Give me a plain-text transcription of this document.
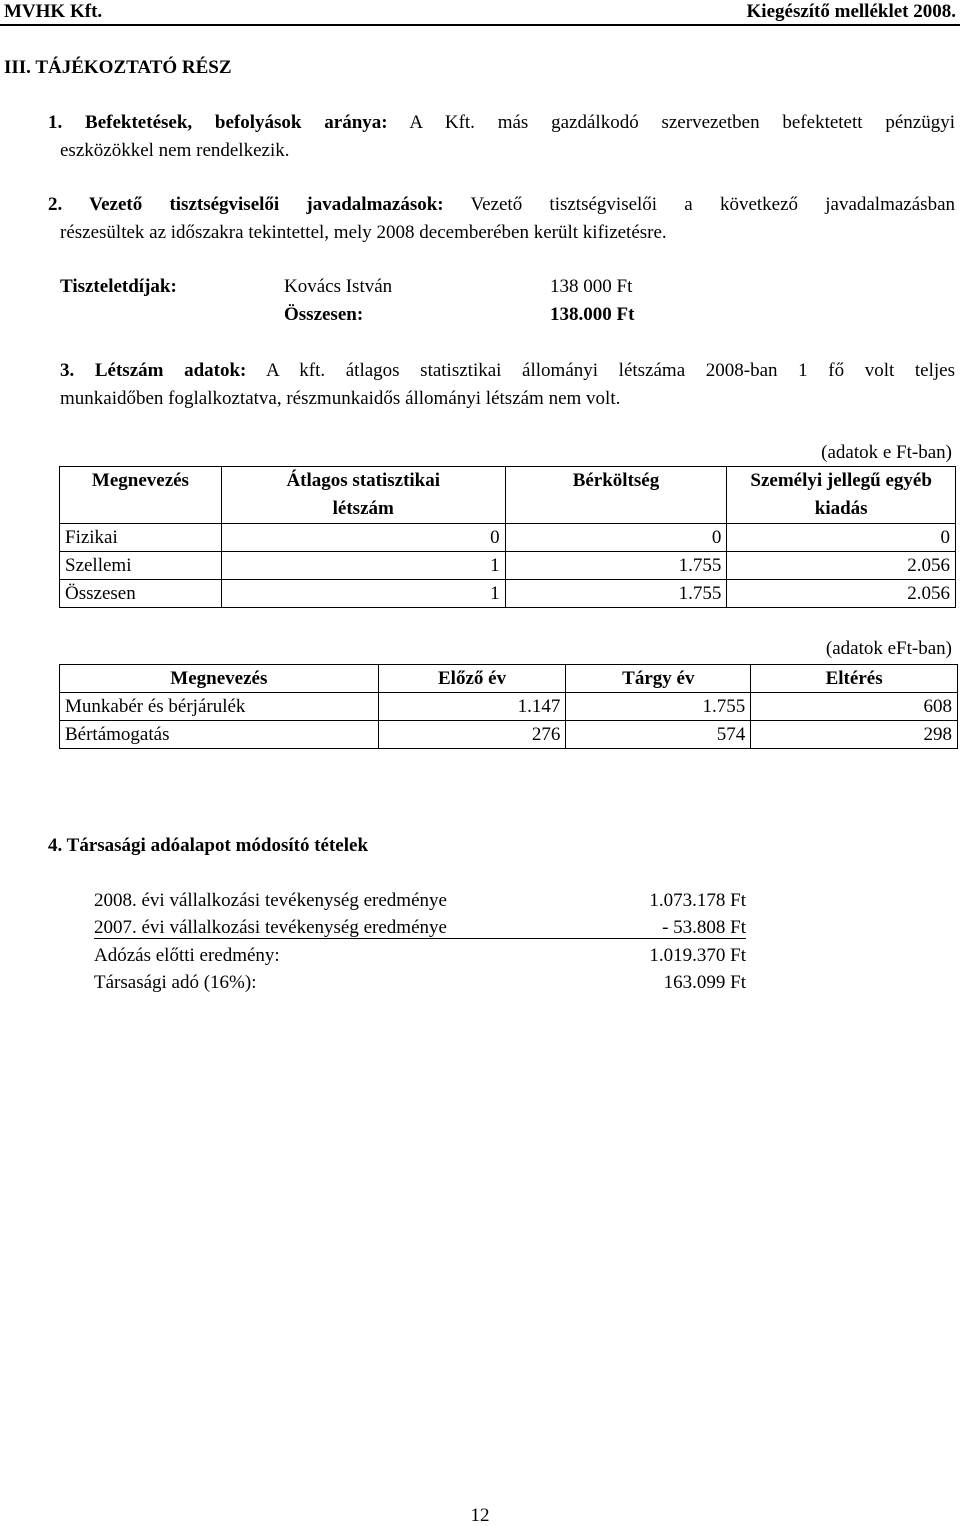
MVHK Kft.	Kiegészítő melléklet 2008.
III. TÁJÉKOZTATÓ RÉSZ
1. Befektetések, befolyások aránya: A Kft. más gazdálkodó szervezetben befektetett pénzügyi
eszközökkel nem rendelkezik.
2. Vezető tisztségviselői javadalmazások: Vezető tisztségviselői a következő javadalmazásban
részesültek az időszakra tekintettel, mely 2008 decemberében került kifizetésre.
Tiszteletdíjak:	Kovács István	138 000 Ft
Összesen:	138.000 Ft
3. Létszám adatok: A kft. átlagos statisztikai állományi létszáma 2008-ban 1 fő volt teljes
munkaidőben foglalkoztatva, részmunkaidős állományi létszám nem volt.
(adatok e Ft-ban)
Megnevezés	Átlagos statisztikai létszám	Bérköltség	Személyi jellegű egyéb kiadás
Fizikai	0	0	0
Szellemi	1	1.755	2.056
Összesen	1	1.755	2.056
(adatok eFt-ban)
Megnevezés	Előző év	Tárgy év	Eltérés
Munkabér és bérjárulék	1.147	1.755	608
Bértámogatás	276	574	298
4. Társasági adóalapot módosító tételek
2008. évi vállalkozási tevékenység eredménye	1.073.178 Ft
2007. évi vállalkozási tevékenység eredménye	- 53.808 Ft
Adózás előtti eredmény:	1.019.370 Ft
Társasági adó (16%):	163.099 Ft
12
